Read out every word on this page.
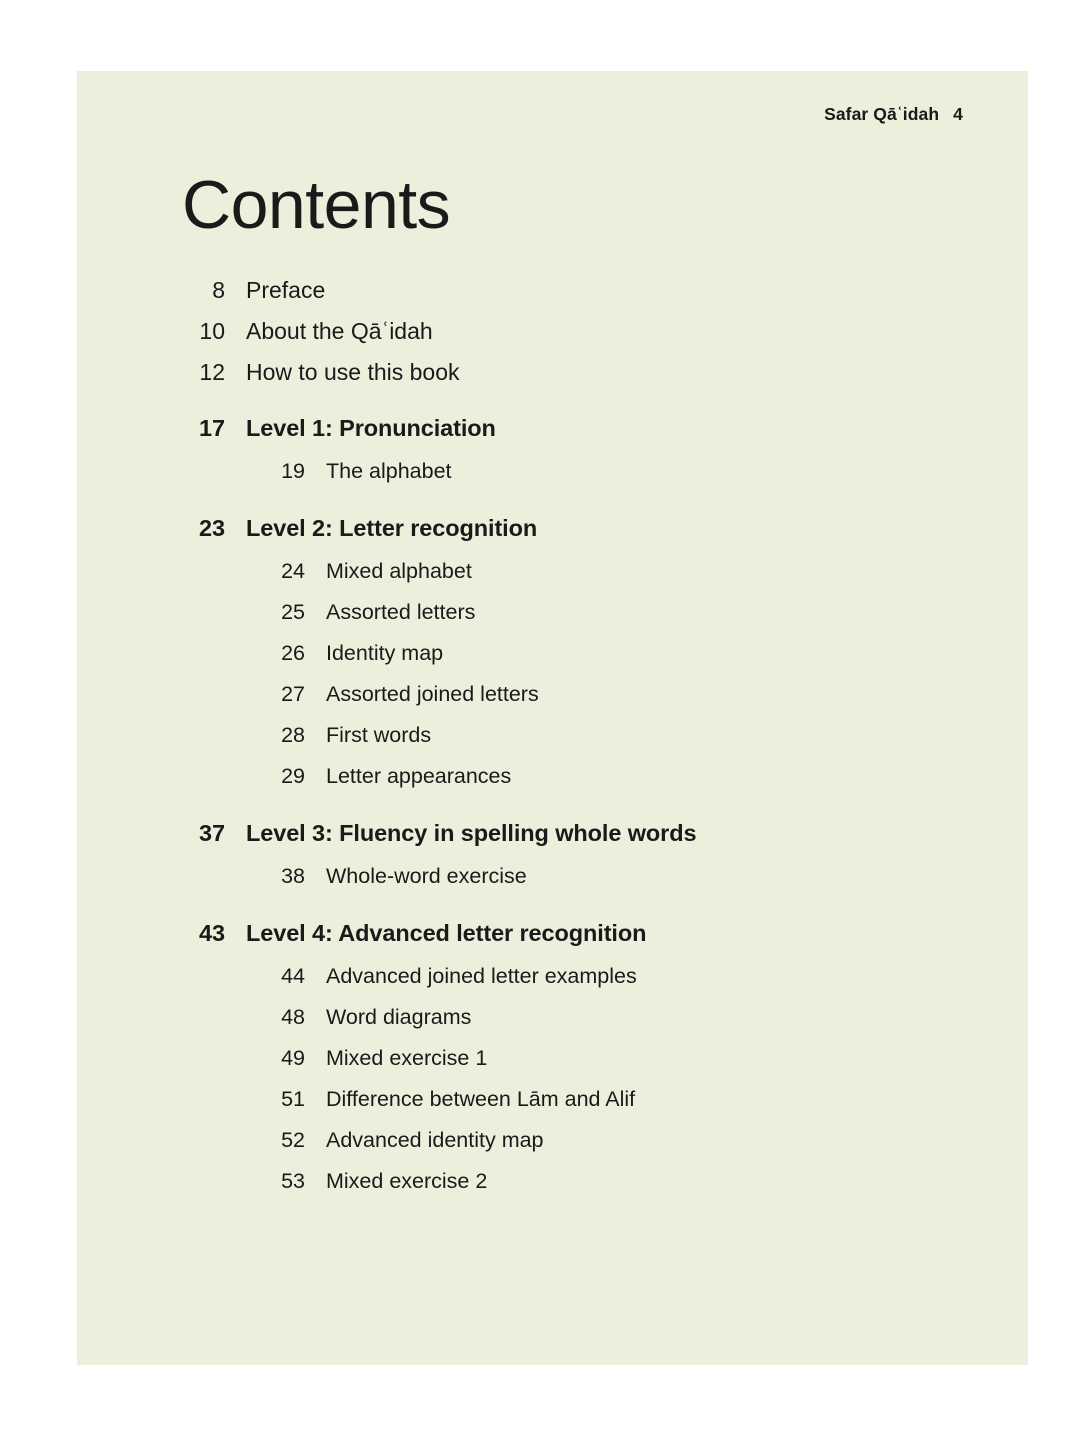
Safar Qāʿidah 4
Contents
8 Preface
10 About the Qāʿidah
12 How to use this book
17 Level 1: Pronunciation
19 The alphabet
23 Level 2: Letter recognition
24 Mixed alphabet
25 Assorted letters
26 Identity map
27 Assorted joined letters
28 First words
29 Letter appearances
37 Level 3: Fluency in spelling whole words
38 Whole-word exercise
43 Level 4: Advanced letter recognition
44 Advanced joined letter examples
48 Word diagrams
49 Mixed exercise 1
51 Difference between Lām and Alif
52 Advanced identity map
53 Mixed exercise 2
